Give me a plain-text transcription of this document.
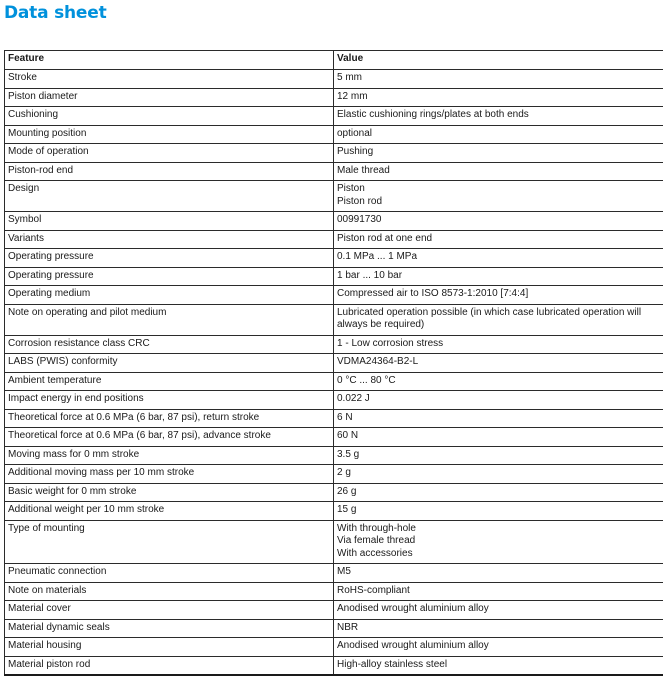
Data sheet
Feature	Value
Stroke	5 mm
Piston diameter	12 mm
Cushioning	Elastic cushioning rings/plates at both ends
Mounting position	optional
Mode of operation	Pushing
Piston-rod end	Male thread
Design	Piston
Piston rod
Symbol	00991730
Variants	Piston rod at one end
Operating pressure	0.1 MPa ... 1 MPa
Operating pressure	1 bar ... 10 bar
Operating medium	Compressed air to ISO 8573-1:2010 [7:4:4]
Note on operating and pilot medium	Lubricated operation possible (in which case lubricated operation will
always be required)
Corrosion resistance class CRC	1 - Low corrosion stress
LABS (PWIS) conformity	VDMA24364-B2-L
Ambient temperature	0 °C ... 80 °C
Impact energy in end positions	0.022 J
Theoretical force at 0.6 MPa (6 bar, 87 psi), return stroke	6 N
Theoretical force at 0.6 MPa (6 bar, 87 psi), advance stroke	60 N
Moving mass for 0 mm stroke	3.5 g
Additional moving mass per 10 mm stroke	2 g
Basic weight for 0 mm stroke	26 g
Additional weight per 10 mm stroke	15 g
Type of mounting	With through-hole
Via female thread
With accessories
Pneumatic connection	M5
Note on materials	RoHS-compliant
Material cover	Anodised wrought aluminium alloy
Material dynamic seals	NBR
Material housing	Anodised wrought aluminium alloy
Material piston rod	High-alloy stainless steel
